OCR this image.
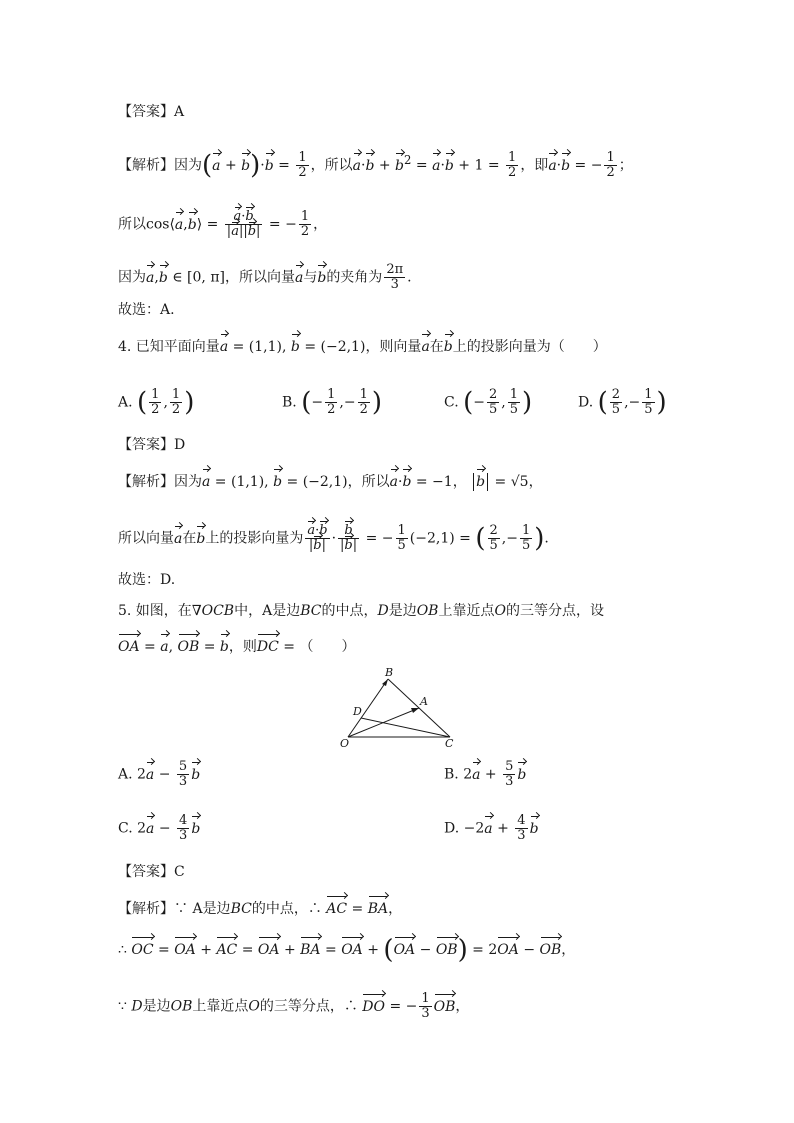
【答案】A
【解析】因为$(a + b)\cdot b = \frac{1}{2}$ ，所以$a\cdot b + b^2 = a\cdot b + 1 = \frac{1}{2}$ ，即a·b = − $\frac{1}{2}$ ；
所以cos⟨a,b⟩ = $\frac{a\cdot b}{|a||b|}$ = − $\frac{1}{2}$ ，
因为a,b ∈ [0, π]，所以向量a与b的夹角为 $\frac{2\pi}{3}$ .
故选：A.
4. 已知平面向量a = (1,1), b = (−2,1)，则向量a在b上的投影向量为（　　）
A. ( $\frac{1}{2}$ , $\frac{1}{2}$ )	B. (− $\frac{1}{2}$ ,− $\frac{1}{2}$ )	C. (− $\frac{2}{5}$ , $\frac{1}{5}$ )	D. ( $\frac{2}{5}$ ,− $\frac{1}{5}$ )
【答案】D
【解析】因为a = (1,1), b = (−2,1)，所以a·b = −1， b = √5，
所以向量a在b上的投影向量为 $\frac{a\cdot b}{|b|} \cdot \frac{b}{|b|}$ = − $\frac{1}{5} (-2,1)$ = ( $\frac{2}{5}$ ,− $\frac{1}{5}$ ).
故选：D.
5. 如图，在∇OCB中，A是边BC的中点，D是边OB上靠近点O的三等分点，设
OA = a, OB = b，则DC = （　　）
B
A
D
O	C
A. $2a - \frac{5}{3}$ b	B. $2a + \frac{5}{3}$ b
C. $2a - \frac{4}{3}$ b	D. $-2a + \frac{4}{3}$ b
【答案】C
【解析】∵ A是边BC的中点，∴ AC = BA，
∴ OC = OA + AC = OA + BA = OA + (OA − OB) = 2OA − OB，
∵ D是边OB上靠近点O的三等分点，∴ DO = − $\frac{1}{3}$ OB，
